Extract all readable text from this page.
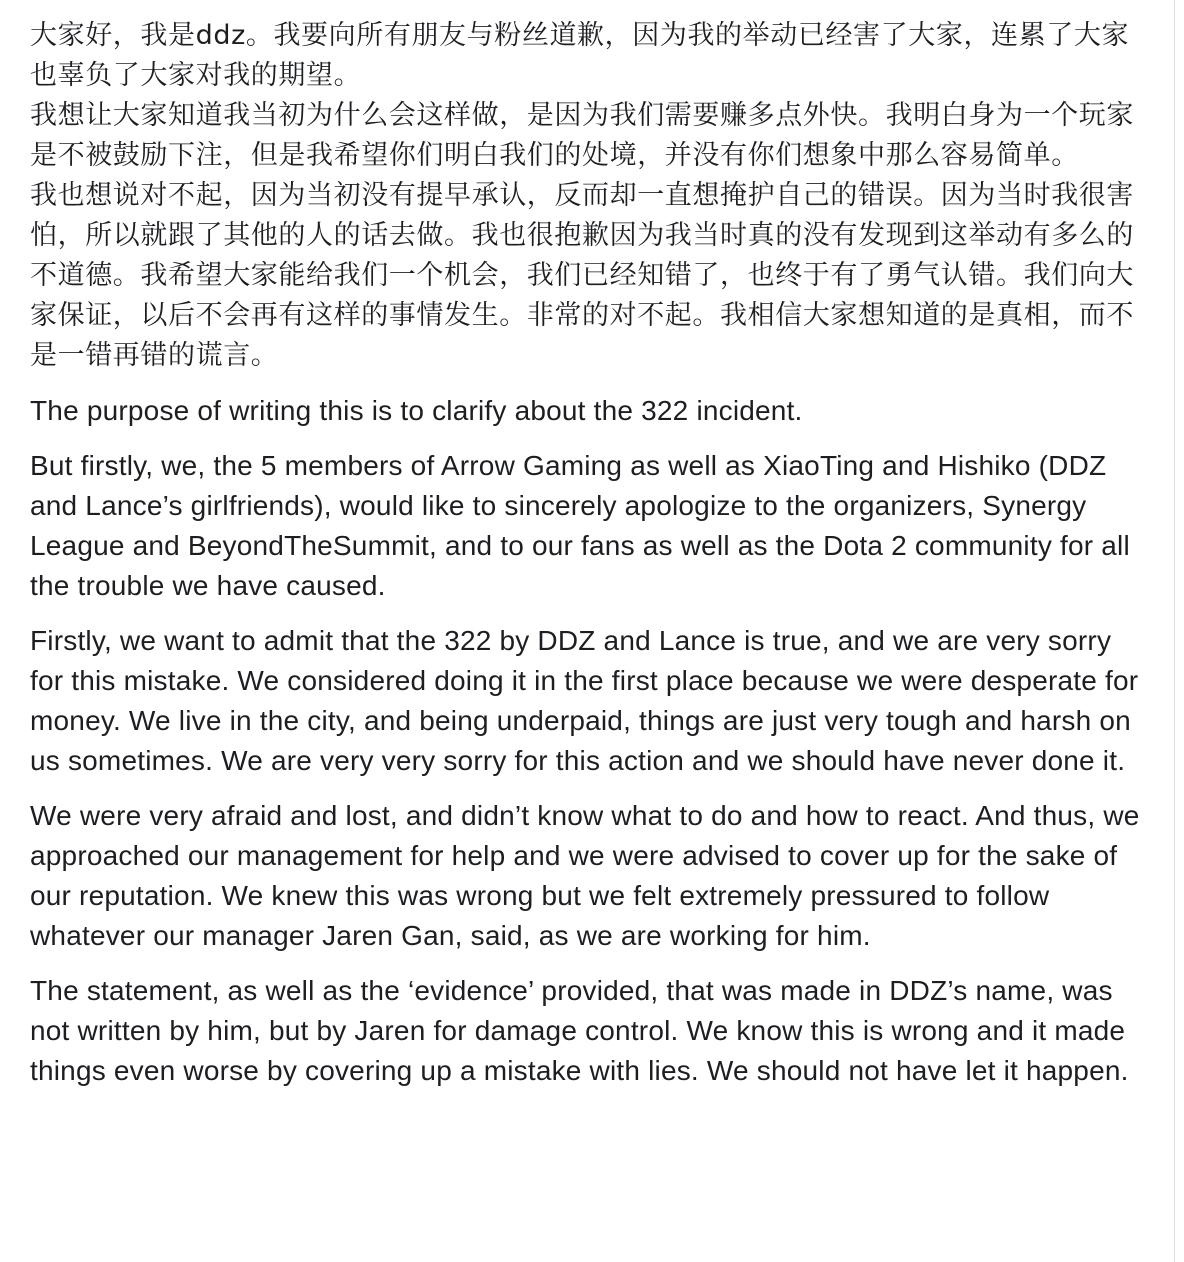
大家好，我是ddz。我要向所有朋友与粉丝道歉，因为我的举动已经害了大家，连累了大家也辜负了大家对我的期望。

我想让大家知道我当初为什么会这样做，是因为我们需要赚多点外快。我明白身为一个玩家是不被鼓励下注，但是我希望你们明白我们的处境，并没有你们想象中那么容易简单。

我也想说对不起，因为当初没有提早承认，反而却一直想掩护自己的错误。因为当时我很害怕，所以就跟了其他的人的话去做。我也很抱歉因为我当时真的没有发现到这举动有多么的不道德。我希望大家能给我们一个机会，我们已经知错了，也终于有了勇气认错。我们向大家保证，以后不会再有这样的事情发生。非常的对不起。我相信大家想知道的是真相，而不是一错再错的谎言。

The purpose of writing this is to clarify about the 322 incident.

But firstly, we, the 5 members of Arrow Gaming as well as XiaoTing and Hishiko (DDZ and Lance’s girlfriends), would like to sincerely apologize to the organizers, Synergy League and BeyondTheSummit, and to our fans as well as the Dota 2 community for all the trouble we have caused.

Firstly, we want to admit that the 322 by DDZ and Lance is true, and we are very sorry for this mistake. We considered doing it in the first place because we were desperate for money. We live in the city, and being underpaid, things are just very tough and harsh on us sometimes. We are very very sorry for this action and we should have never done it.

We were very afraid and lost, and didn’t know what to do and how to react. And thus, we approached our management for help and we were advised to cover up for the sake of our reputation. We knew this was wrong but we felt extremely pressured to follow whatever our manager Jaren Gan, said, as we are working for him.

The statement, as well as the ‘evidence’ provided, that was made in DDZ’s name, was not written by him, but by Jaren for damage control. We know this is wrong and it made things even worse by covering up a mistake with lies. We should not have let it happen.
